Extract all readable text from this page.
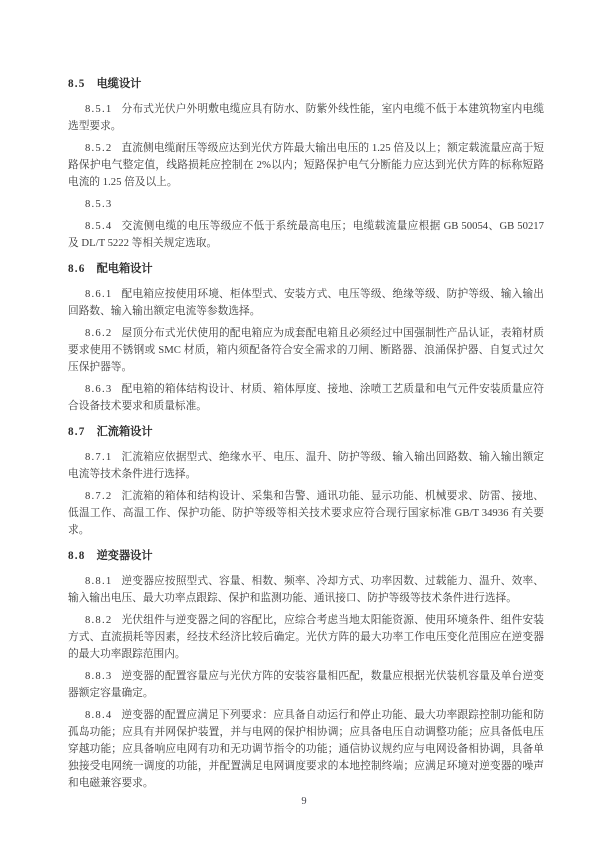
8.5 电缆设计

8.5.1 分布式光伏户外明敷电缆应具有防水、防紫外线性能，室内电缆不低于本建筑物室内电缆选型要求。

8.5.2 直流侧电缆耐压等级应达到光伏方阵最大输出电压的 1.25 倍及以上；额定载流量应高于短路保护电气整定值，线路损耗应控制在 2%以内；短路保护电气分断能力应达到光伏方阵的标称短路电流的 1.25 倍及以上。

8.5.3

8.5.4 交流侧电缆的电压等级应不低于系统最高电压；电缆载流量应根据 GB 50054、GB 50217 及 DL/T 5222 等相关规定选取。

8.6 配电箱设计

8.6.1 配电箱应按使用环境、柜体型式、安装方式、电压等级、绝缘等级、防护等级、输入输出回路数、输入输出额定电流等参数选择。

8.6.2 屋顶分布式光伏使用的配电箱应为成套配电箱且必须经过中国强制性产品认证，表箱材质要求使用不锈钢或 SMC 材质，箱内须配备符合安全需求的刀闸、断路器、浪涌保护器、自复式过欠压保护器等。

8.6.3 配电箱的箱体结构设计、材质、箱体厚度、接地、涂喷工艺质量和电气元件安装质量应符合设备技术要求和质量标准。

8.7 汇流箱设计

8.7.1 汇流箱应依据型式、绝缘水平、电压、温升、防护等级、输入输出回路数、输入输出额定电流等技术条件进行选择。

8.7.2 汇流箱的箱体和结构设计、采集和告警、通讯功能、显示功能、机械要求、防雷、接地、低温工作、高温工作、保护功能、防护等级等相关技术要求应符合现行国家标准 GB/T 34936 有关要求。

8.8 逆变器设计

8.8.1 逆变器应按照型式、容量、相数、频率、冷却方式、功率因数、过载能力、温升、效率、输入输出电压、最大功率点跟踪、保护和监测功能、通讯接口、防护等级等技术条件进行选择。

8.8.2 光伏组件与逆变器之间的容配比，应综合考虑当地太阳能资源、使用环境条件、组件安装方式、直流损耗等因素，经技术经济比较后确定。光伏方阵的最大功率工作电压变化范围应在逆变器的最大功率跟踪范围内。

8.8.3 逆变器的配置容量应与光伏方阵的安装容量相匹配，数量应根据光伏装机容量及单台逆变器额定容量确定。

8.8.4 逆变器的配置应满足下列要求：应具备自动运行和停止功能、最大功率跟踪控制功能和防孤岛功能；应具有并网保护装置，并与电网的保护相协调；应具备电压自动调整功能；应具备低电压穿越功能；应具备响应电网有功和无功调节指令的功能；通信协议规约应与电网设备相协调，具备单独接受电网统一调度的功能，并配置满足电网调度要求的本地控制终端；应满足环境对逆变器的噪声和电磁兼容要求。

9
